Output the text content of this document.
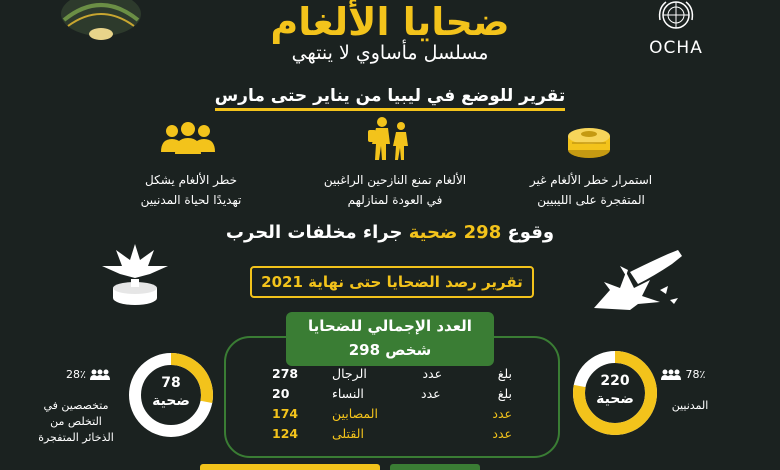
OCHA
ضحايا الألغام
مسلسل مأساوي لا ينتهي
تقرير للوضع في ليبيا من يناير حتى مارس
خطر الألغام يشكل
تهديدًا لحياة المدنيين
الألغام تمنع النازحين الراغبين
في العودة لمنازلهم
استمرار خطر الألغام غير
المتفجرة على الليبيين
وقوع 298 ضحية جراء مخلفات الحرب
تقرير رصد الضحايا حتى نهاية 2021
العدد الإجمالي للضحايا
298 شخص
بلغ عدد الرجال
278
بلغ عدد النساء
20
عدد المصابين
174
عدد القتلى
124
78
ضحية
28٪
متخصصين في
التخلص من
الذخائر المتفجرة
220
ضحية
78٪
المدنيين
